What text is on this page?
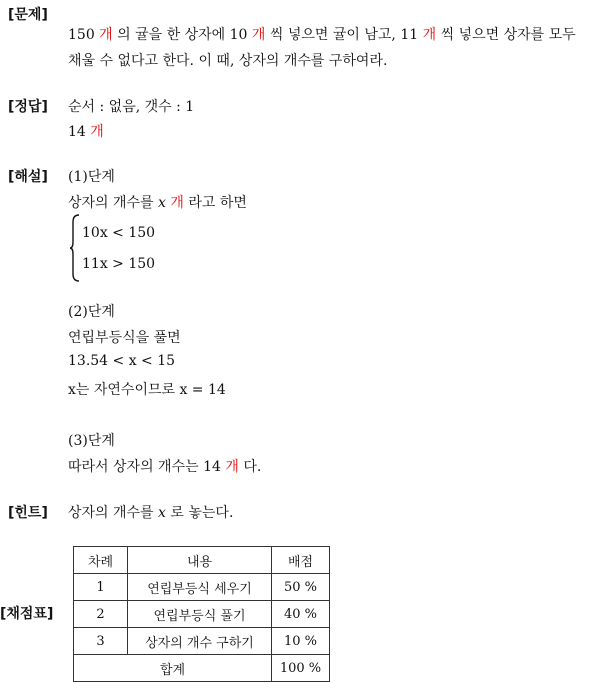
[문제]
150 개 의 귤을 한 상자에 10 개 씩 넣으면 귤이 남고, 11 개 씩 넣으면 상자를 모두
채울 수 없다고 한다. 이 때, 상자의 개수를 구하여라.
[정답] 순서 : 없음, 갯수 : 1
14 개
[해설] (1)단계
상자의 개수를 x 개 라고 하면
10x < 150
11x > 150
(2)단계
연립부등식을 풀면
13.54̇ < x < 15
x는 자연수이므로 x = 14
(3)단계
따라서 상자의 개수는 14 개 다.
[힌트] 상자의 개수를 x 로 놓는다.
[채점표]
차례	내용	배점
1	연립부등식 세우기	50 %
2	연립부등식 풀기	40 %
3	상자의 개수 구하기	10 %
합계		100 %
